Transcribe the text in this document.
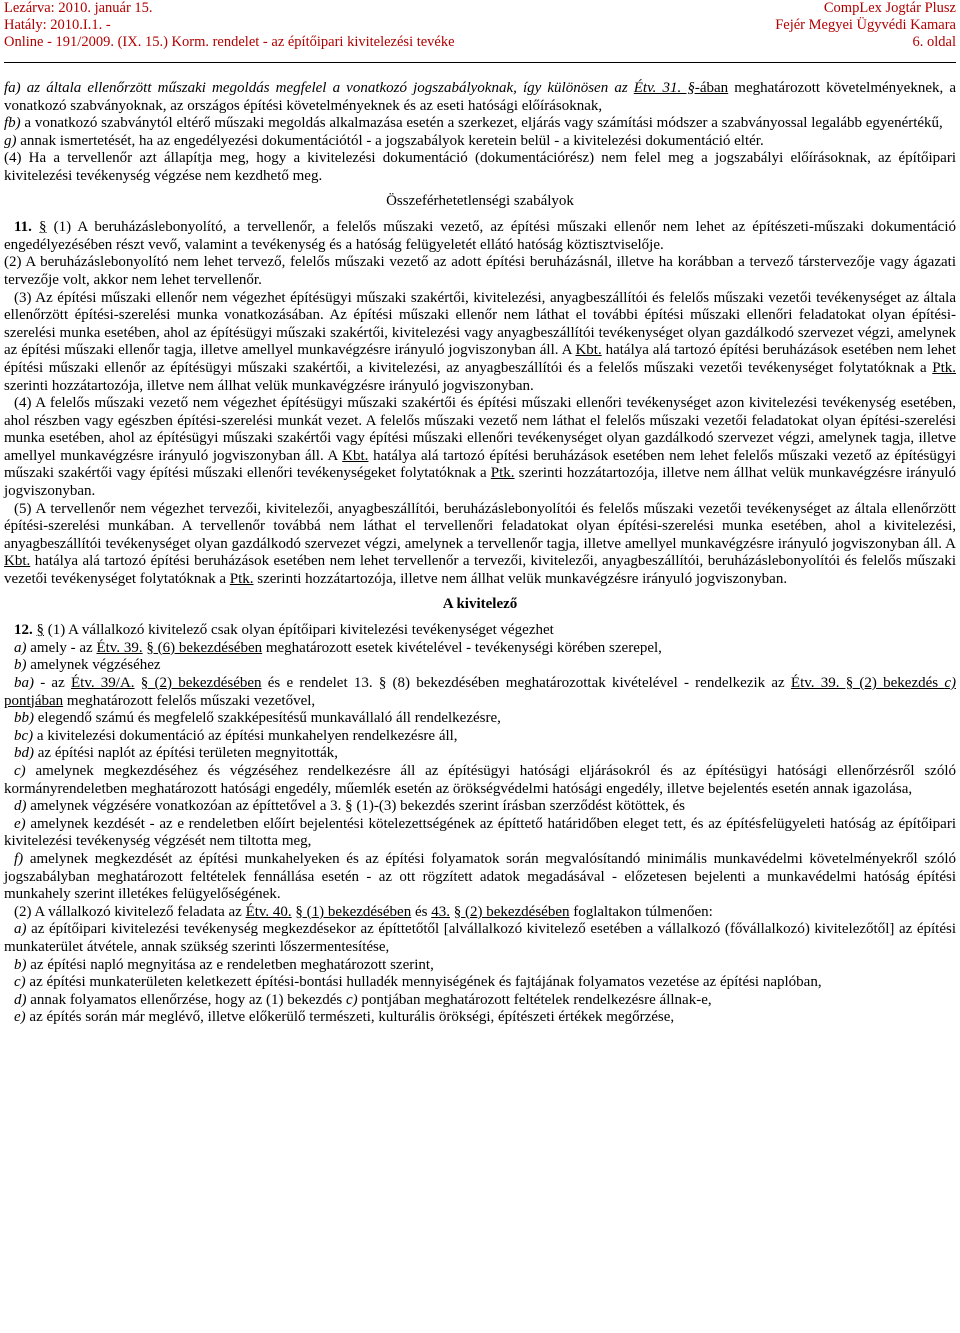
Lezárva: 2010. január 15.	CompLex Jogtár Plusz
Hatály: 2010.I.1. -	Fejér Megyei Ügyvédi Kamara
Online - 191/2009. (IX. 15.) Korm. rendelet - az építőipari kivitelezési tevéke	6. oldal

fa) az általa ellenőrzött műszaki megoldás megfelel a vonatkozó jogszabályoknak, így különösen az Étv. 31. §-ában meghatározott követelményeknek, a vonatkozó szabványoknak, az országos építési követelményeknek és az eseti hatósági előírásoknak,

fb) a vonatkozó szabványtól eltérő műszaki megoldás alkalmazása esetén a szerkezet, eljárás vagy számítási módszer a szabványossal legalább egyenértékű,

g) annak ismertetését, ha az engedélyezési dokumentációtól - a jogszabályok keretein belül - a kivitelezési dokumentáció eltér.

(4) Ha a tervellenőr azt állapítja meg, hogy a kivitelezési dokumentáció (dokumentációrész) nem felel meg a jogszabályi előírásoknak, az építőipari kivitelezési tevékenység végzése nem kezdhető meg.

Összeférhetetlenségi szabályok

11. § (1) A beruházáslebonyolító, a tervellenőr, a felelős műszaki vezető, az építési műszaki ellenőr nem lehet az építészeti-műszaki dokumentáció engedélyezésében részt vevő, valamint a tevékenység és a hatóság felügyeletét ellátó hatóság köztisztviselője.

(2) A beruházáslebonyolító nem lehet tervező, felelős műszaki vezető az adott építési beruházásnál, illetve ha korábban a tervező társtervezője vagy ágazati tervezője volt, akkor nem lehet tervellenőr.

(3) Az építési műszaki ellenőr nem végezhet építésügyi műszaki szakértői, kivitelezési, anyagbeszállítói és felelős műszaki vezetői tevékenységet az általa ellenőrzött építési-szerelési munka vonatkozásában. Az építési műszaki ellenőr nem láthat el további építési műszaki ellenőri feladatokat olyan építési-szerelési munka esetében, ahol az építésügyi műszaki szakértői, kivitelezési vagy anyagbeszállítói tevékenységet olyan gazdálkodó szervezet végzi, amelynek az építési műszaki ellenőr tagja, illetve amellyel munkavégzésre irányuló jogviszonyban áll. A Kbt. hatálya alá tartozó építési beruházások esetében nem lehet építési műszaki ellenőr az építésügyi műszaki szakértői, a kivitelezési, az anyagbeszállítói és a felelős műszaki vezetői tevékenységet folytatóknak a Ptk. szerinti hozzátartozója, illetve nem állhat velük munkavégzésre irányuló jogviszonyban.

(4) A felelős műszaki vezető nem végezhet építésügyi műszaki szakértői és építési műszaki ellenőri tevékenységet azon kivitelezési tevékenység esetében, ahol részben vagy egészben építési-szerelési munkát vezet. A felelős műszaki vezető nem láthat el felelős műszaki vezetői feladatokat olyan építési-szerelési munka esetében, ahol az építésügyi műszaki szakértői vagy építési műszaki ellenőri tevékenységet olyan gazdálkodó szervezet végzi, amelynek tagja, illetve amellyel munkavégzésre irányuló jogviszonyban áll. A Kbt. hatálya alá tartozó építési beruházások esetében nem lehet felelős műszaki vezető az építésügyi műszaki szakértői vagy építési műszaki ellenőri tevékenységeket folytatóknak a Ptk. szerinti hozzátartozója, illetve nem állhat velük munkavégzésre irányuló jogviszonyban.

(5) A tervellenőr nem végezhet tervezői, kivitelezői, anyagbeszállítói, beruházáslebonyolítói és felelős műszaki vezetői tevékenységet az általa ellenőrzött építési-szerelési munkában. A tervellenőr továbbá nem láthat el tervellenőri feladatokat olyan építési-szerelési munka esetében, ahol a kivitelezési, anyagbeszállítói tevékenységet olyan gazdálkodó szervezet végzi, amelynek a tervellenőr tagja, illetve amellyel munkavégzésre irányuló jogviszonyban áll. A Kbt. hatálya alá tartozó építési beruházások esetében nem lehet tervellenőr a tervezői, kivitelezői, anyagbeszállítói, beruházáslebonyolítói és felelős műszaki vezetői tevékenységet folytatóknak a Ptk. szerinti hozzátartozója, illetve nem állhat velük munkavégzésre irányuló jogviszonyban.

A kivitelező

12. § (1) A vállalkozó kivitelező csak olyan építőipari kivitelezési tevékenységet végezhet

a) amely - az Étv. 39. § (6) bekezdésében meghatározott esetek kivételével - tevékenységi körében szerepel,

b) amelynek végzéséhez

ba) - az Étv. 39/A. § (2) bekezdésében és e rendelet 13. § (8) bekezdésében meghatározottak kivételével - rendelkezik az Étv. 39. § (2) bekezdés c) pontjában meghatározott felelős műszaki vezetővel,

bb) elegendő számú és megfelelő szakképesítésű munkavállaló áll rendelkezésre,

bc) a kivitelezési dokumentáció az építési munkahelyen rendelkezésre áll,

bd) az építési naplót az építési területen megnyitották,

c) amelynek megkezdéséhez és végzéséhez rendelkezésre áll az építésügyi hatósági eljárásokról és az építésügyi hatósági ellenőrzésről szóló kormányrendeletben meghatározott hatósági engedély, műemlék esetén az örökségvédelmi hatósági engedély, illetve bejelentés esetén annak igazolása,

d) amelynek végzésére vonatkozóan az építtetővel a 3. § (1)-(3) bekezdés szerint írásban szerződést kötöttek, és

e) amelynek kezdését - az e rendeletben előírt bejelentési kötelezettségének az építtető határidőben eleget tett, és az építésfelügyeleti hatóság az építőipari kivitelezési tevékenység végzését nem tiltotta meg,

f) amelynek megkezdését az építési munkahelyeken és az építési folyamatok során megvalósítandó minimális munkavédelmi követelményekről szóló jogszabályban meghatározott feltételek fennállása esetén - az ott rögzített adatok megadásával - előzetesen bejelenti a munkavédelmi hatóság építési munkahely szerint illetékes felügyelőségének.

(2) A vállalkozó kivitelező feladata az Étv. 40. § (1) bekezdésében és 43. § (2) bekezdésében foglaltakon túlmenően:

a) az építőipari kivitelezési tevékenység megkezdésekor az építtetőtől [alvállalkozó kivitelező esetében a vállalkozó (fővállalkozó) kivitelezőtől] az építési munkaterület átvétele, annak szükség szerinti lőszermentesítése,

b) az építési napló megnyitása az e rendeletben meghatározott szerint,

c) az építési munkaterületen keletkezett építési-bontási hulladék mennyiségének és fajtájának folyamatos vezetése az építési naplóban,

d) annak folyamatos ellenőrzése, hogy az (1) bekezdés c) pontjában meghatározott feltételek rendelkezésre állnak-e,

e) az építés során már meglévő, illetve előkerülő természeti, kulturális örökségi, építészeti értékek megőrzése,
